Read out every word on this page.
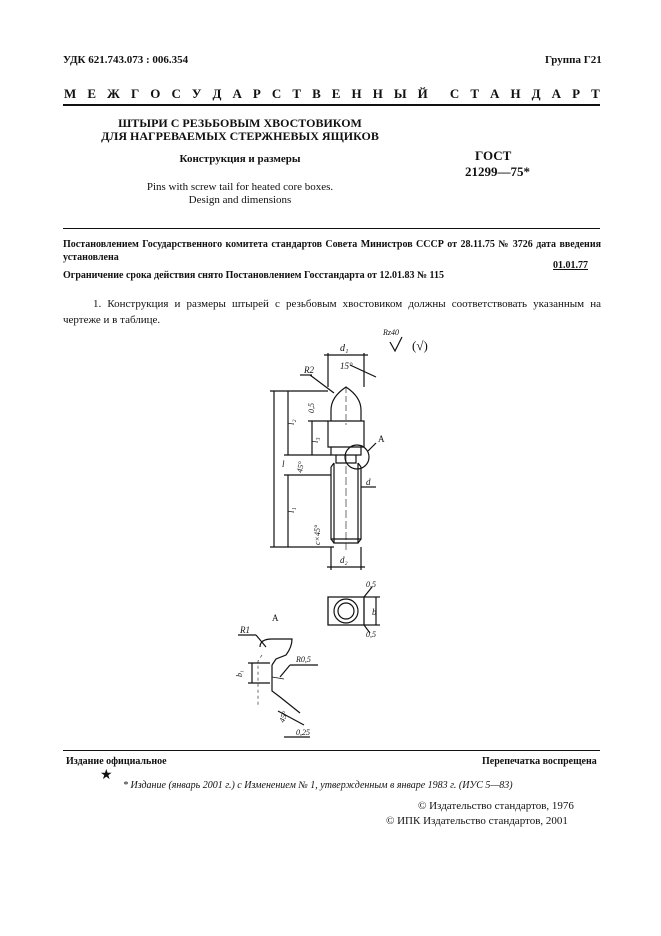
УДК 621.743.073 : 006.354	Группа Г21
М Е Ж Г О С У Д А Р С Т В Е Н Н Ы Й С Т А Н Д А Р Т
ШТЫРИ С РЕЗЬБОВЫМ ХВОСТОВИКОМ
ДЛЯ НАГРЕВАЕМЫХ СТЕРЖНЕВЫХ ЯЩИКОВ
Конструкция и размеры	ГОСТ
21299—75*
Pins with screw tail for heated core boxes.
Design and dimensions
Постановлением Государственного комитета стандартов Совета Министров СССР от 28.11.75 № 3726 дата введения установлена
01.01.77
Ограничение срока действия снято Постановлением Госстандарта от 12.01.83 № 115
1. Конструкция и размеры штырей с резьбовым хвостовиком должны соответствовать указанным на чертеже и в таблице.
Rz40
(√)
d₁
15°
R2
0,5
А
l
l₂
l₃
l₁
45°
c×45°
d
d₂
b
0,5
0,5
А
R1
b₁
R0,5
45°
0,25
Издание официальное	Перепечатка воспрещена
★
* Издание (январь 2001 г.) с Изменением № 1, утвержденным в январе 1983 г. (ИУС 5—83)
© Издательство стандартов, 1976
© ИПК Издательство стандартов, 2001
